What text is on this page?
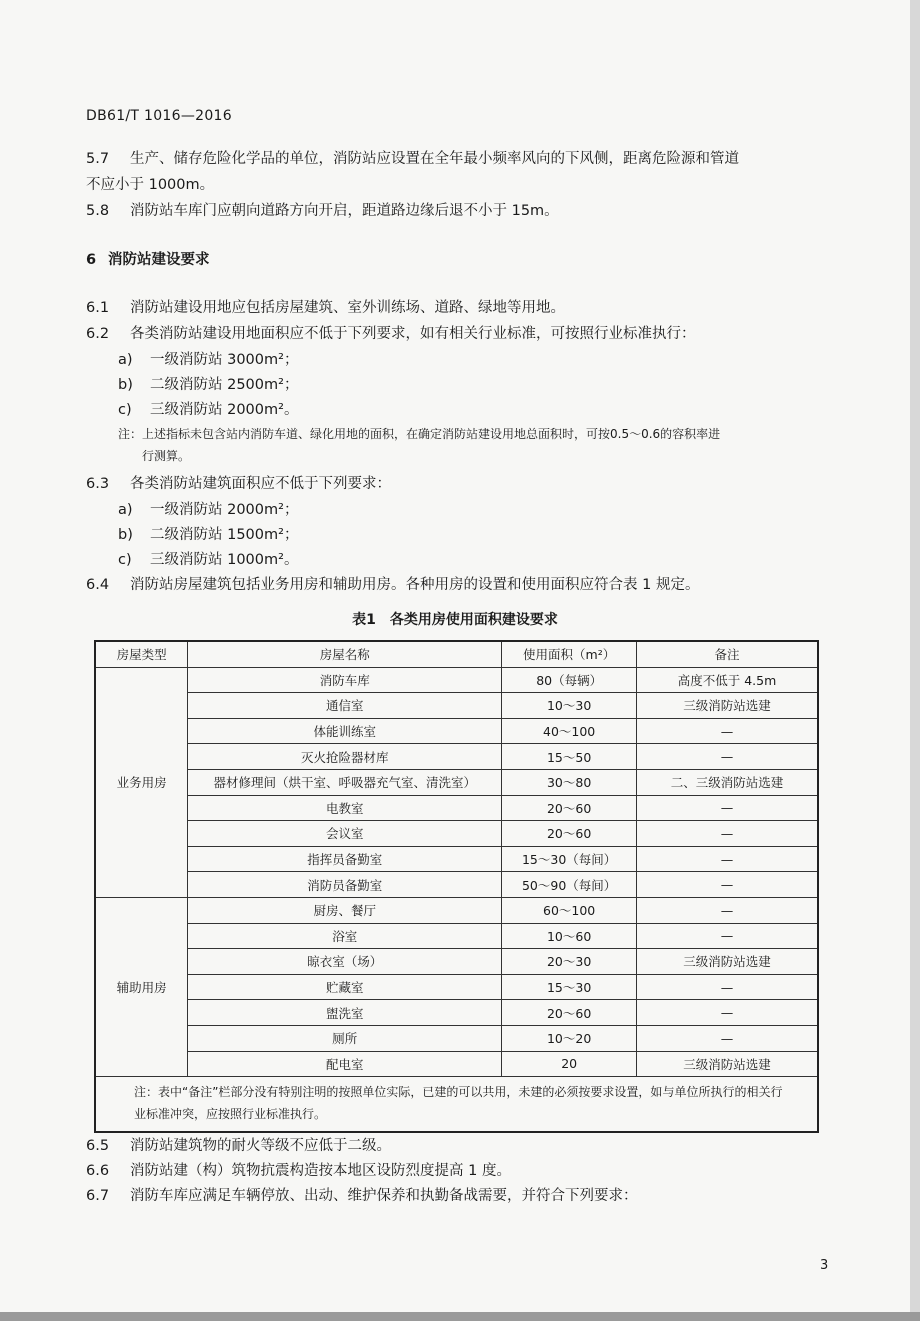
DB61/T 1016—2016
5.7 生产、储存危险化学品的单位，消防站应设置在全年最小频率风向的下风侧，距离危险源和管道
不应小于 1000m。
5.8 消防站车库门应朝向道路方向开启，距道路边缘后退不小于 15m。
6 消防站建设要求
6.1 消防站建设用地应包括房屋建筑、室外训练场、道路、绿地等用地。
6.2 各类消防站建设用地面积应不低于下列要求，如有相关行业标准，可按照行业标准执行：
a) 一级消防站 3000m²；
b) 二级消防站 2500m²；
c) 三级消防站 2000m²。
注：上述指标未包含站内消防车道、绿化用地的面积，在确定消防站建设用地总面积时，可按0.5～0.6的容积率进
行测算。
6.3 各类消防站建筑面积应不低于下列要求：
a) 一级消防站 2000m²；
b) 二级消防站 1500m²；
c) 三级消防站 1000m²。
6.4 消防站房屋建筑包括业务用房和辅助用房。各种用房的设置和使用面积应符合表 1 规定。
表1　各类用房使用面积建设要求
房屋类型	房屋名称	使用面积（m²）	备注
业务用房	消防车库	80（每辆）	高度不低于 4.5m
	通信室	10～30	三级消防站选建
	体能训练室	40～100	—
	灭火抢险器材库	15～50	—
	器材修理间（烘干室、呼吸器充气室、清洗室）	30～80	二、三级消防站选建
	电教室	20～60	—
	会议室	20～60	—
	指挥员备勤室	15～30（每间）	—
	消防员备勤室	50～90（每间）	—
辅助用房	厨房、餐厅	60～100	—
	浴室	10～60	—
	晾衣室（场）	20～30	三级消防站选建
	贮藏室	15～30	—
	盥洗室	20～60	—
	厕所	10～20	—
	配电室	20	三级消防站选建
注：表中“备注”栏部分没有特别注明的按照单位实际，已建的可以共用，未建的必须按要求设置，如与单位所执行的相关行业标准冲突，应按照行业标准执行。			
6.5 消防站建筑物的耐火等级不应低于二级。
6.6 消防站建（构）筑物抗震构造按本地区设防烈度提高 1 度。
6.7 消防车库应满足车辆停放、出动、维护保养和执勤备战需要，并符合下列要求：
3
